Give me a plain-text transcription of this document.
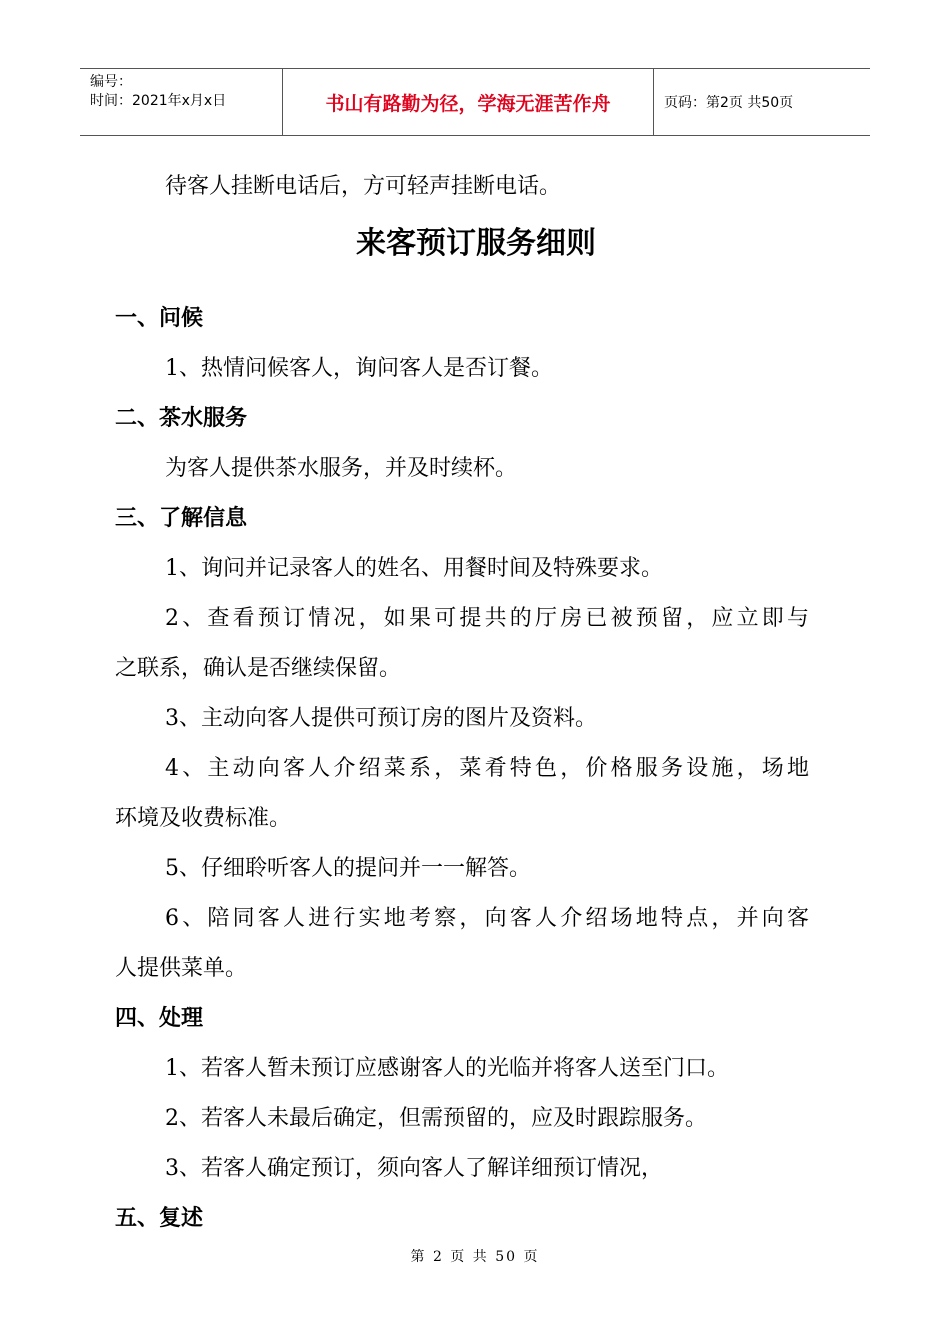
编号：
时间：2021年x月x日	书山有路勤为径，学海无涯苦作舟	页码：第2页 共50页

待客人挂断电话后，方可轻声挂断电话。

来客预订服务细则

一、问候

1、热情问候客人，询问客人是否订餐。

二、茶水服务

为客人提供茶水服务，并及时续杯。

三、了解信息

1、询问并记录客人的姓名、用餐时间及特殊要求。

2、查看预订情况，如果可提共的厅房已被预留，应立即与

之联系，确认是否继续保留。

3、主动向客人提供可预订房的图片及资料。

4、主动向客人介绍菜系，菜肴特色，价格服务设施，场地

环境及收费标准。

5、仔细聆听客人的提问并一一解答。

6、陪同客人进行实地考察，向客人介绍场地特点，并向客

人提供菜单。

四、处理

1、若客人暂未预订应感谢客人的光临并将客人送至门口。

2、若客人未最后确定，但需预留的，应及时跟踪服务。

3、若客人确定预订，须向客人了解详细预订情况，

五、复述

第 2 页 共 50 页
